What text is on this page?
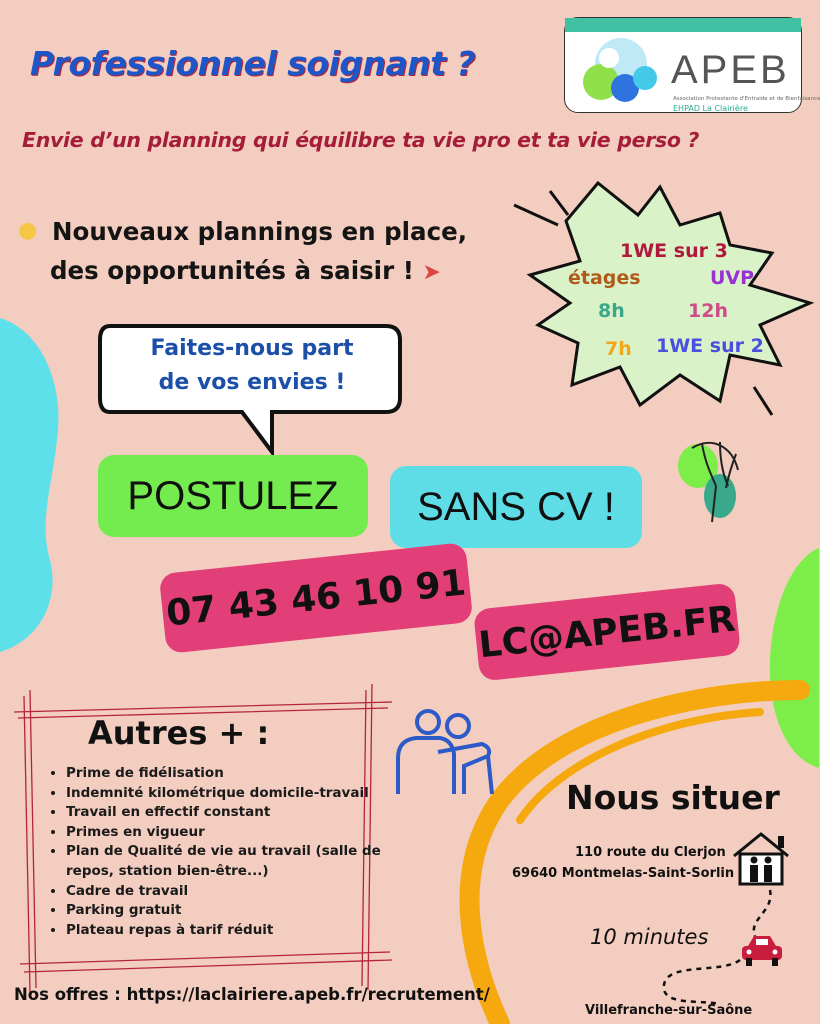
Professionnel soignant ?	APEB
Association Protestante d'Entraide et de Bienfaisance
EHPAD La Clairière
Envie d’un planning qui équilibre ta vie pro et ta vie perso ?
● Nouveaux plannings en place,
des opportunités à saisir ! ➤
1WE sur 3
étages	UVP
8h	12h
7h 1WE sur 2
Faites-nous part
de vos envies !
POSTULEZ SANS CV !
07 43 46 10 91 LC@APEB.FR
Autres + :
• Prime de fidélisation
• Indemnité kilométrique domicile-travail
• Travail en effectif constant
• Primes en vigueur
• Plan de Qualité de vie au travail (salle de repos, station bien-être...)
• Cadre de travail
• Parking gratuit
• Plateau repas à tarif réduit
Nous situer
110 route du Clerjon
69640 Montmelas-Saint-Sorlin
10 minutes
Villefranche-sur-Saône
Nos offres : https://laclairiere.apeb.fr/recrutement/
